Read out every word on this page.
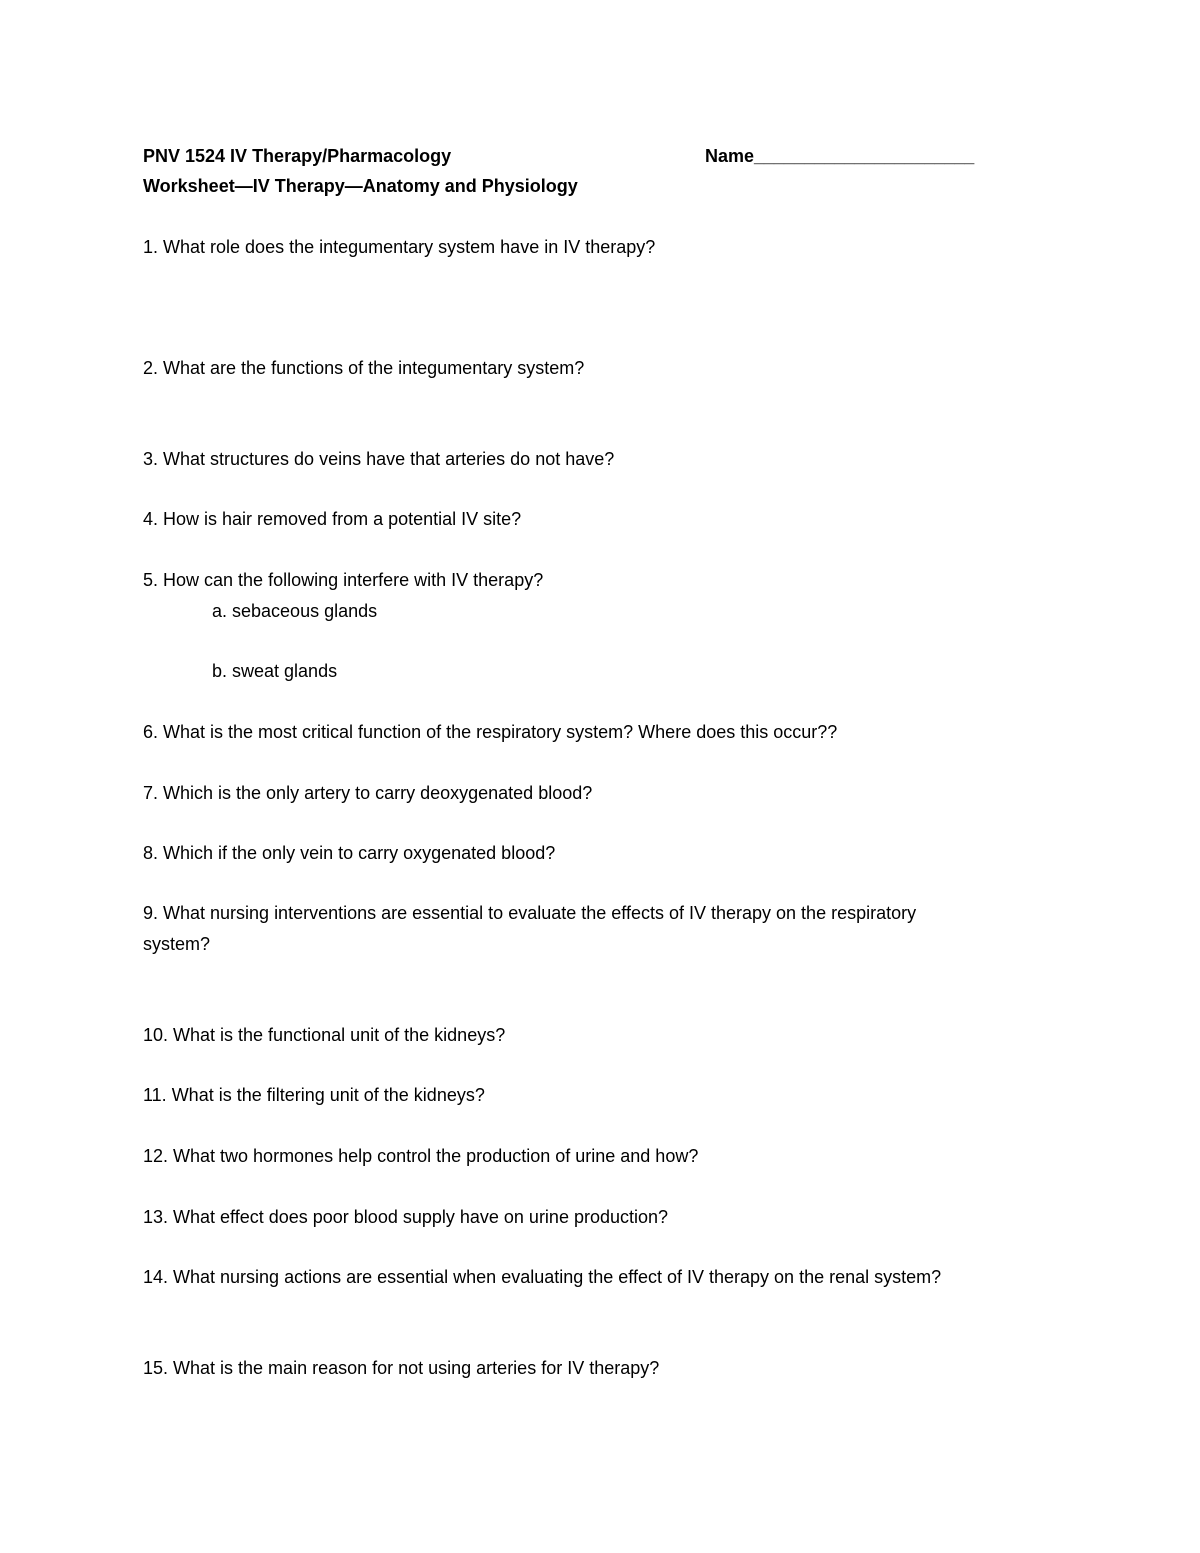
PNV 1524 IV Therapy/Pharmacology	Name______________________
Worksheet—IV Therapy—Anatomy and Physiology
1. What role does the integumentary system have in IV therapy?
2. What are the functions of the integumentary system?
3. What structures do veins have that arteries do not have?
4. How is hair removed from a potential IV site?
5. How can the following interfere with IV therapy?
a. sebaceous glands
b. sweat glands
6. What is the most critical function of the respiratory system? Where does this occur??
7. Which is the only artery to carry deoxygenated blood?
8. Which if the only vein to carry oxygenated blood?
9. What nursing interventions are essential to evaluate the effects of IV therapy on the respiratory
system?
10. What is the functional unit of the kidneys?
11. What is the filtering unit of the kidneys?
12. What two hormones help control the production of urine and how?
13. What effect does poor blood supply have on urine production?
14. What nursing actions are essential when evaluating the effect of IV therapy on the renal system?
15. What is the main reason for not using arteries for IV therapy?
